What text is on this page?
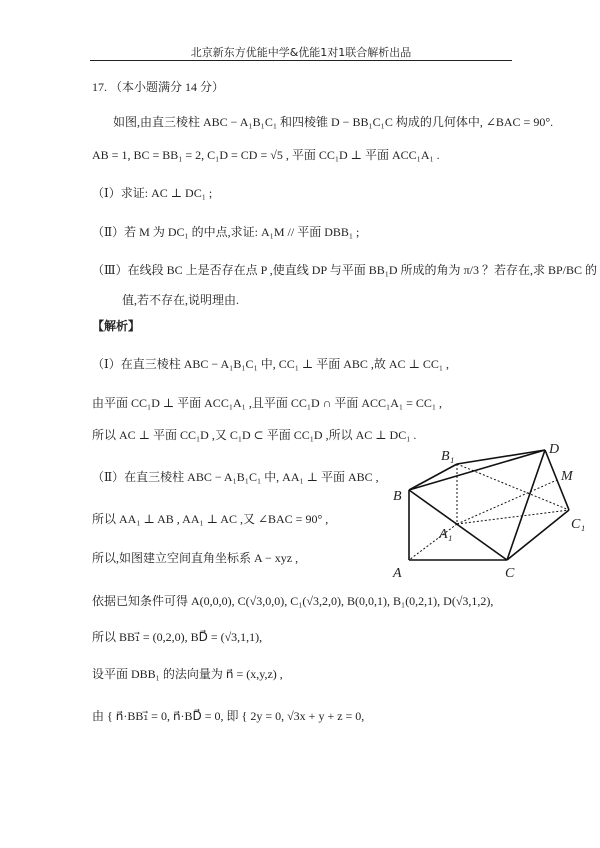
北京新东方优能中学&优能1对1联合解析出品
17. （本小题满分 14 分）
如图,由直三棱柱 ABC − A₁B₁C₁ 和四棱锥 D − BB₁C₁C 构成的几何体中, ∠BAC = 90°.
AB = 1, BC = BB₁ = 2, C₁D = CD = √5 , 平面 CC₁D ⊥ 平面 ACC₁A₁ .
（Ⅰ）求证: AC ⊥ DC₁ ;
（Ⅱ）若 M 为 DC₁ 的中点,求证: A₁M // 平面 DBB₁ ;
（Ⅲ）在线段 BC 上是否存在点 P ,使直线 DP 与平面 BB₁D 所成的角为 π/3 ？若存在,求 BP/BC 的
值,若不存在,说明理由.
【解析】
（Ⅰ）在直三棱柱 ABC − A₁B₁C₁ 中, CC₁ ⊥ 平面 ABC ,故 AC ⊥ CC₁ ,
由平面 CC₁D ⊥ 平面 ACC₁A₁ ,且平面 CC₁D ∩ 平面 ACC₁A₁ = CC₁ ,
所以 AC ⊥ 平面 CC₁D ,又 C₁D ⊂ 平面 CC₁D ,所以 AC ⊥ DC₁ .
（Ⅱ）在直三棱柱 ABC − A₁B₁C₁ 中, AA₁ ⊥ 平面 ABC ,
所以 AA₁ ⊥ AB , AA₁ ⊥ AC ,又 ∠BAC = 90° ,
所以,如图建立空间直角坐标系 A − xyz ,
依据已知条件可得 A(0,0,0), C(√3,0,0), C₁(√3,2,0), B(0,0,1), B₁(0,2,1), D(√3,1,2),
所以 BB₁⃗ = (0,2,0), BD⃗ = (√3,1,1),
设平面 DBB₁ 的法向量为 n⃗ = (x,y,z) ,
由 { n⃗·BB₁⃗ = 0, n⃗·BD⃗ = 0, 即 { 2y = 0, √3x + y + z = 0,
D
B₁
M
B
A₁
C₁
A	C
